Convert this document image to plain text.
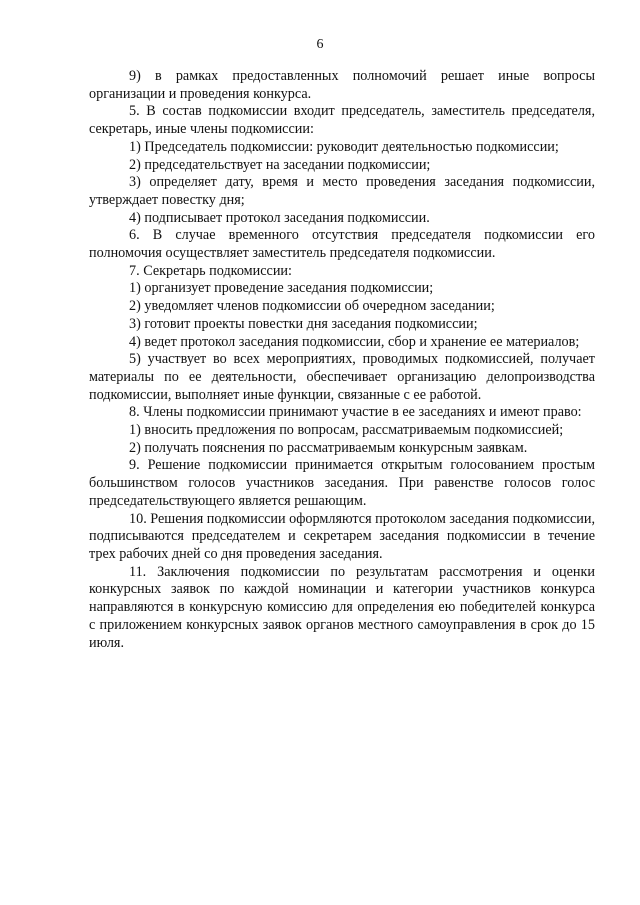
6

9) в рамках предоставленных полномочий решает иные вопросы организации и проведения конкурса.

5. В состав подкомиссии входит председатель, заместитель председателя, секретарь, иные члены подкомиссии:

1) Председатель подкомиссии: руководит деятельностью подкомиссии;

2) председательствует на заседании подкомиссии;

3) определяет дату, время и место проведения заседания подкомиссии, утверждает повестку дня;

4) подписывает протокол заседания подкомиссии.

6. В случае временного отсутствия председателя подкомиссии его полномочия осуществляет заместитель председателя подкомиссии.

7. Секретарь подкомиссии:

1) организует проведение заседания подкомиссии;

2) уведомляет членов подкомиссии об очередном заседании;

3) готовит проекты повестки дня заседания подкомиссии;

4) ведет протокол заседания подкомиссии, сбор и хранение ее материалов;

5) участвует во всех мероприятиях, проводимых подкомиссией, получает материалы по ее деятельности, обеспечивает организацию делопроизводства подкомиссии, выполняет иные функции, связанные с ее работой.

8. Члены подкомиссии принимают участие в ее заседаниях и имеют право:

1) вносить предложения по вопросам, рассматриваемым подкомиссией;

2) получать пояснения по рассматриваемым конкурсным заявкам.

9. Решение подкомиссии принимается открытым голосованием простым большинством голосов участников заседания. При равенстве голосов голос председательствующего является решающим.

10. Решения подкомиссии оформляются протоколом заседания подкомиссии, подписываются председателем и секретарем заседания подкомиссии в течение трех рабочих дней со дня проведения заседания.

11. Заключения подкомиссии по результатам рассмотрения и оценки конкурсных заявок по каждой номинации и категории участников конкурса направляются в конкурсную комиссию для определения ею победителей конкурса с приложением конкурсных заявок органов местного самоуправления в срок до 15 июля.
